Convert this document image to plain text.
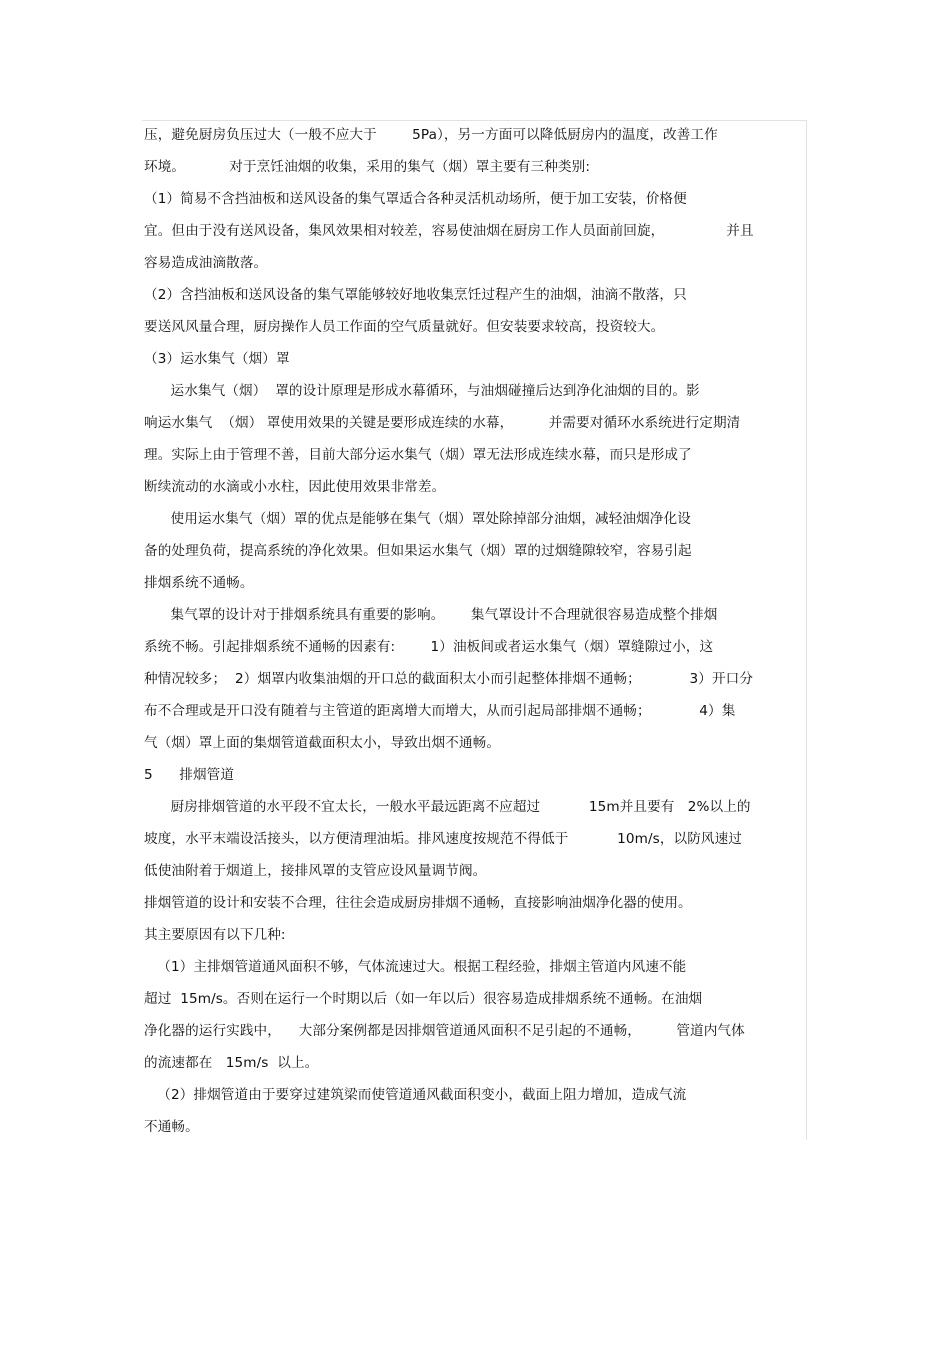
压，避免厨房负压过大（一般不应大于        5Pa），另一方面可以降低厨房内的温度，改善工作
环境。          对于烹饪油烟的收集，采用的集气（烟）罩主要有三种类别:
（1）简易不含挡油板和送风设备的集气罩适合各种灵活机动场所，便于加工安装，价格便
宜。但由于没有送风设备，集风效果相对较差，容易使油烟在厨房工作人员面前回旋，              并且
容易造成油滴散落。
（2）含挡油板和送风设备的集气罩能够较好地收集烹饪过程产生的油烟，油滴不散落，只
要送风风量合理，厨房操作人员工作面的空气质量就好。但安装要求较高，投资较大。
（3）运水集气（烟）罩
运水集气（烟）  罩的设计原理是形成水幕循环，与油烟碰撞后达到净化油烟的目的。影
响运水集气  （烟） 罩使用效果的关键是要形成连续的水幕，        并需要对循环水系统进行定期清
理。实际上由于管理不善，目前大部分运水集气（烟）罩无法形成连续水幕，而只是形成了
断续流动的水滴或小水柱，因此使用效果非常差。
使用运水集气（烟）罩的优点是能够在集气（烟）罩处除掉部分油烟，减轻油烟净化设
备的处理负荷，提高系统的净化效果。但如果运水集气（烟）罩的过烟缝隙较窄，容易引起
排烟系统不通畅。
集气罩的设计对于排烟系统具有重要的影响。      集气罩设计不合理就很容易造成整个排烟
系统不畅。引起排烟系统不通畅的因素有:        1）油板间或者运水集气（烟）罩缝隙过小，这
种情况较多；  2）烟罩内收集油烟的开口总的截面积太小而引起整体排烟不通畅；           3）开口分
布不合理或是开口没有随着与主管道的距离增大而增大，从而引起局部排烟不通畅；           4）集
气（烟）罩上面的集烟管道截面积太小，导致出烟不通畅。
5      排烟管道
厨房排烟管道的水平段不宜太长，一般水平最远距离不应超过           15m并且要有   2%以上的
坡度，水平末端设活接头，以方便清理油垢。排风速度按规范不得低于           10m/s，以防风速过
低使油附着于烟道上，接排风罩的支管应设风量调节阀。
排烟管道的设计和安装不合理，往往会造成厨房排烟不通畅，直接影响油烟净化器的使用。
其主要原因有以下几种:
（1）主排烟管道通风面积不够，气体流速过大。根据工程经验，排烟主管道内风速不能
超过  15m/s。否则在运行一个时期以后（如一年以后）很容易造成排烟系统不通畅。在油烟
净化器的运行实践中，    大部分案例都是因排烟管道通风面积不足引起的不通畅，        管道内气体
的流速都在   15m/s  以上。
（2）排烟管道由于要穿过建筑梁而使管道通风截面积变小，截面上阻力增加，造成气流
不通畅。
